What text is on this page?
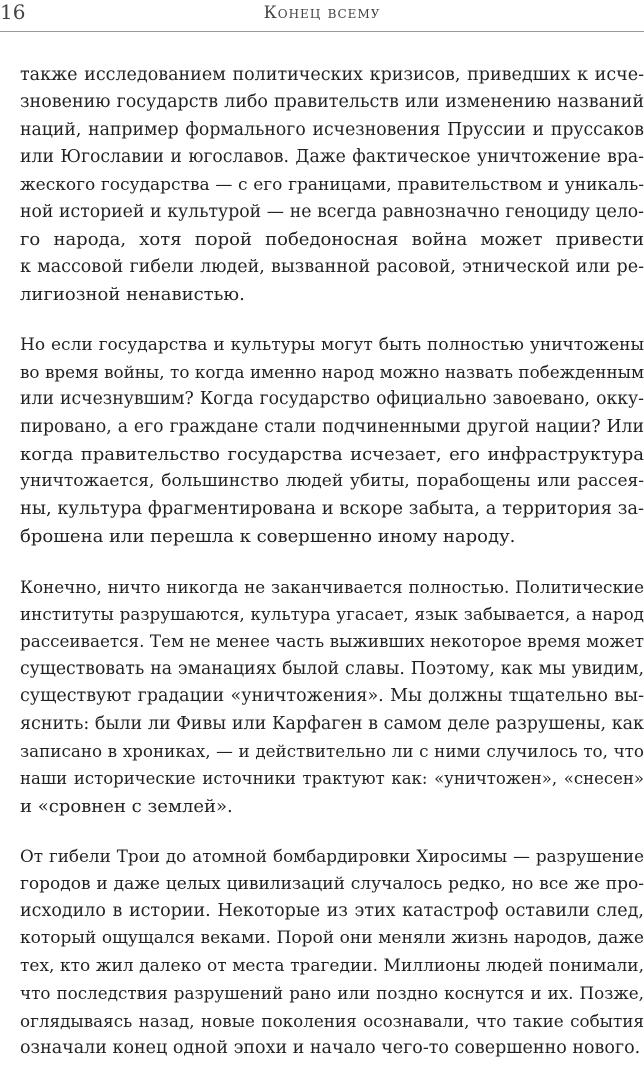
16	Конец всему

также исследованием политических кризисов, приведших к исче-
зновению государств либо правительств или изменению названий
наций, например формального исчезновения Пруссии и пруссаков
или Югославии и югославов. Даже фактическое уничтожение вра-
жеского государства — с его границами, правительством и уникаль-
ной историей и культурой — не всегда равнозначно геноциду цело-
го народа, хотя порой победоносная война может привести
к массовой гибели людей, вызванной расовой, этнической или ре-
лигиозной ненавистью.

Но если государства и культуры могут быть полностью уничтожены
во время войны, то когда именно народ можно назвать побежденным
или исчезнувшим? Когда государство официально завоевано, окку-
пировано, а его граждане стали подчиненными другой нации? Или
когда правительство государства исчезает, его инфраструктура
уничтожается, большинство людей убиты, порабощены или рассея-
ны, культура фрагментирована и вскоре забыта, а территория за-
брошена или перешла к совершенно иному народу.

Конечно, ничто никогда не заканчивается полностью. Политические
институты разрушаются, культура угасает, язык забывается, а народ
рассеивается. Тем не менее часть выживших некоторое время может
существовать на эманациях былой славы. Поэтому, как мы увидим,
существуют градации «уничтожения». Мы должны тщательно вы-
яснить: были ли Фивы или Карфаген в самом деле разрушены, как
записано в хрониках, — и действительно ли с ними случилось то, что
наши исторические источники трактуют как: «уничтожен», «снесен»
и «сровнен с землей».

От гибели Трои до атомной бомбардировки Хиросимы — разрушение
городов и даже целых цивилизаций случалось редко, но все же про-
исходило в истории. Некоторые из этих катастроф оставили след,
который ощущался веками. Порой они меняли жизнь народов, даже
тех, кто жил далеко от места трагедии. Миллионы людей понимали,
что последствия разрушений рано или поздно коснутся и их. Позже,
оглядываясь назад, новые поколения осознавали, что такие события
означали конец одной эпохи и начало чего-то совершенно нового.
